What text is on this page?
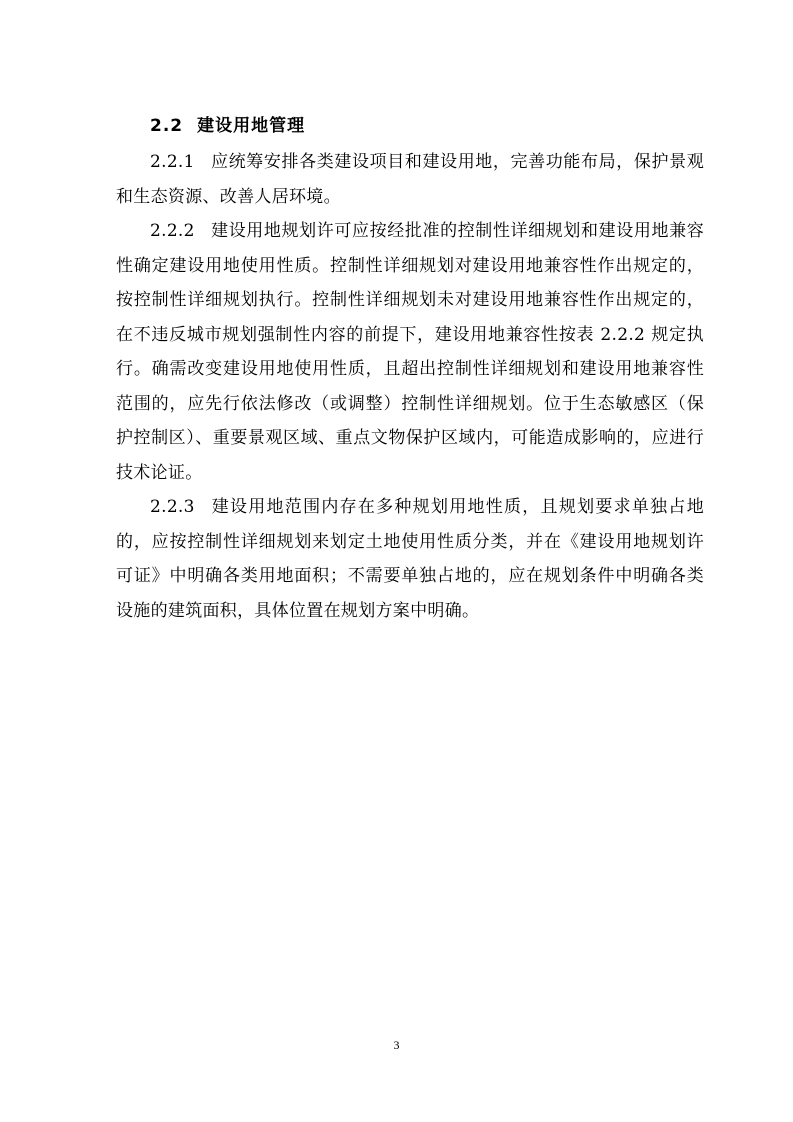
2.2 建设用地管理

2.2.1 应统筹安排各类建设项目和建设用地，完善功能布局，保护景观和生态资源、改善人居环境。

2.2.2 建设用地规划许可应按经批准的控制性详细规划和建设用地兼容性确定建设用地使用性质。控制性详细规划对建设用地兼容性作出规定的，按控制性详细规划执行。控制性详细规划未对建设用地兼容性作出规定的，在不违反城市规划强制性内容的前提下，建设用地兼容性按表 2.2.2 规定执行。确需改变建设用地使用性质，且超出控制性详细规划和建设用地兼容性范围的，应先行依法修改（或调整）控制性详细规划。位于生态敏感区（保护控制区）、重要景观区域、重点文物保护区域内，可能造成影响的，应进行技术论证。

2.2.3 建设用地范围内存在多种规划用地性质，且规划要求单独占地的，应按控制性详细规划来划定土地使用性质分类，并在《建设用地规划许可证》中明确各类用地面积；不需要单独占地的，应在规划条件中明确各类设施的建筑面积，具体位置在规划方案中明确。

3
